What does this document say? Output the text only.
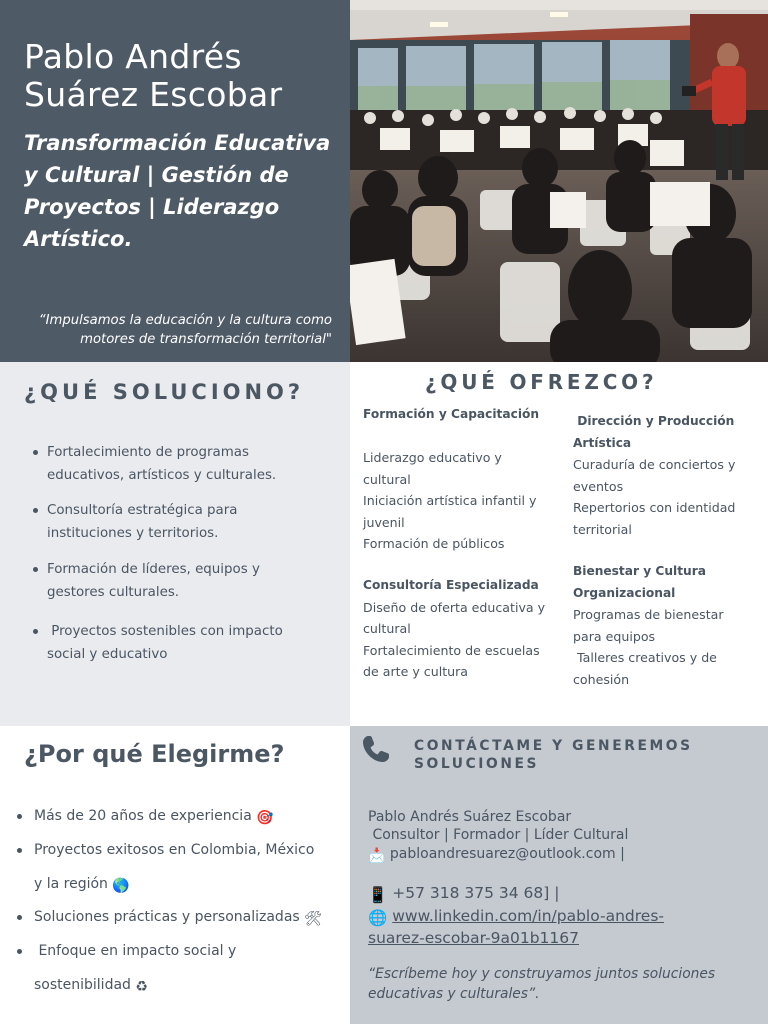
Pablo Andrés
Suárez Escobar
Transformación Educativa
y Cultural | Gestión de
Proyectos | Liderazgo
Artístico.
“Impulsamos la educación y la cultura como
motores de transformación territorial"
¿QUÉ SOLUCIONO?
Fortalecimiento de programas
educativos, artísticos y culturales.
Consultoría estratégica para
instituciones y territorios.
Formación de líderes, equipos y
gestores culturales.
Proyectos sostenibles con impacto
social y educativo
¿QUÉ OFREZCO?
Formación y Capacitación
Liderazgo educativo y
cultural
Iniciación artística infantil y
juvenil
Formación de públicos
Consultoría Especializada
Diseño de oferta educativa y
cultural
Fortalecimiento de escuelas
de arte y cultura
Dirección y Producción
Artística
Curaduría de conciertos y
eventos
Repertorios con identidad
territorial
Bienestar y Cultura
Organizacional
Programas de bienestar
para equipos
Talleres creativos y de
cohesión
¿Por qué Elegirme?
Más de 20 años de experiencia 🎯
Proyectos exitosos en Colombia, México
y la región 🌎
Soluciones prácticas y personalizadas 🛠
Enfoque en impacto social y
sostenibilidad ♻
CONTÁCTAME Y GENEREMOS
SOLUCIONES
Pablo Andrés Suárez Escobar
Consultor | Formador | Líder Cultural
📩 pabloandresuarez@outlook.com |
📱 +57 318 375 34 68] |
🌐 www.linkedin.com/in/pablo-andres-
suarez-escobar-9a01b1167
“Escríbeme hoy y construyamos juntos soluciones
educativas y culturales”.
